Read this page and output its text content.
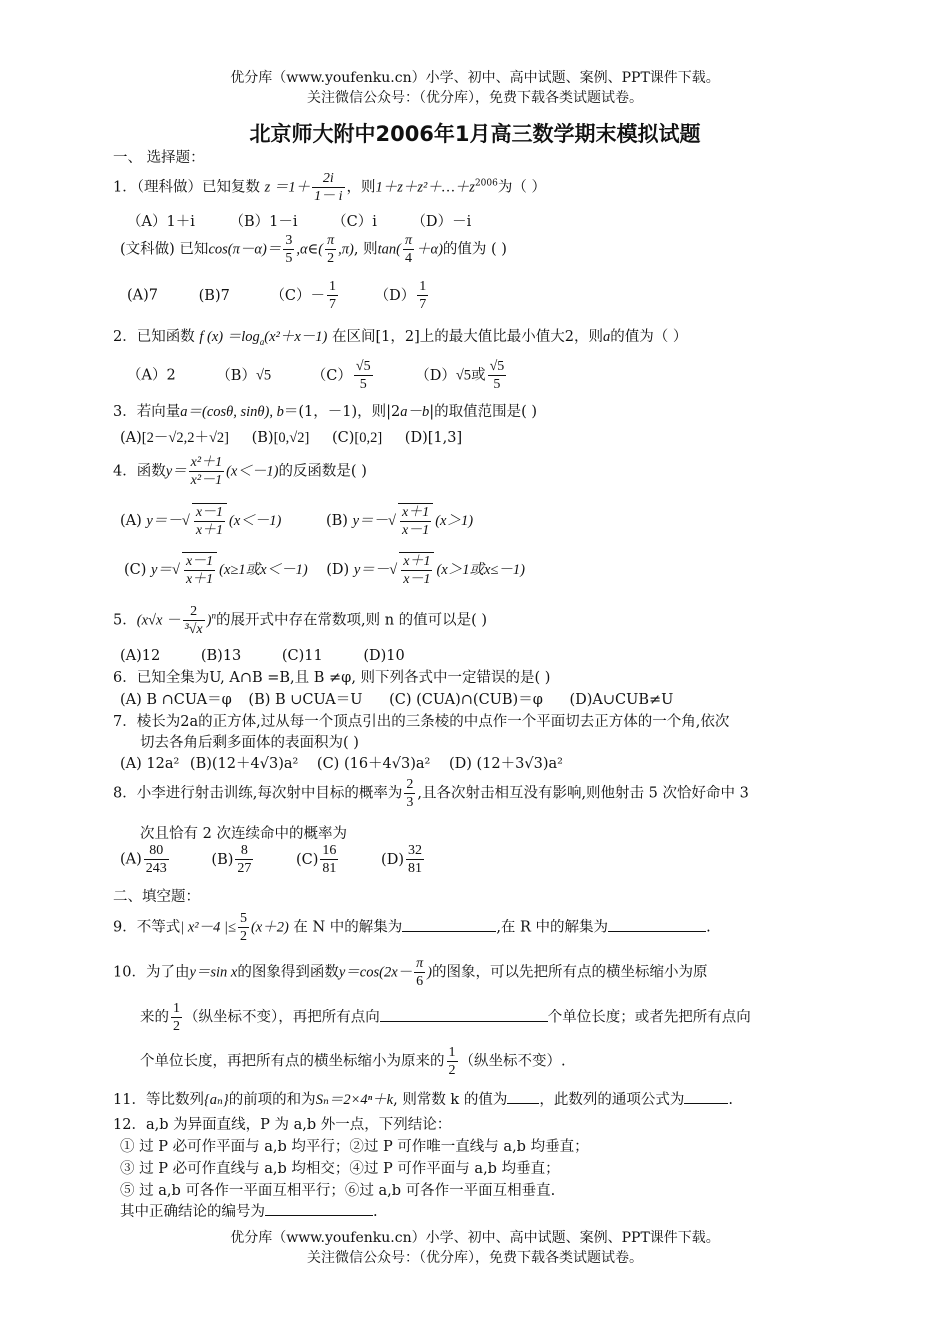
优分库（www.youfenku.cn）小学、初中、高中试题、案例、PPT课件下载。
关注微信公众号：（优分库），免费下载各类试题试卷。
北京师大附中2006年1月高三数学期末模拟试题
一、 选择题：
1．（理科做）已知复数 $z =1+ \frac{2i}{1- i}$ ，则$1+z+z^2+\dots+z^{2006}$为（ ）
（A）1＋i （B）1－i （C）i （D）－i
(文科做) 已知$\cos(\pi-\alpha)= \frac{3}{5}$ ,α∈( $\frac{\pi}{2} ,\pi$), 则$\tan( \frac{\pi}{4} +\alpha)$的值为 ( )
(A)7	(B)7	$(C)- \frac{1}{7}$	$(D) \frac{1}{7}$
2．已知函数 f $(x) =\log_a(x^2+x-1)$ 在区间[1，2]上的最大值比最小值大2，则a的值为（ ）
（A）2	（B）√5	$(C) \frac{√5}{5}$	（D）√5或 $\frac{√5}{5}$
3．若向量a＝(cosθ, sinθ), b＝(1，－1)，则|2a－b|的取值范围是( )
(A)[2－√2,2＋√2] (B)[0,√2] (C)[0,2] (D)[1,3]
4．函数$y= \frac{\text{x²＋1}}{\text{x²－1}} (x<-1)$的反函数是( )
(A) $y=-√ \frac{x-1}{x+1} (x<-1)$	(B) $y=-√ \frac{x+1}{x-1} (x>1)$
(C) $y=√ \frac{x-1}{x+1} (x\ge 1$或x＜－1) (D) $y=-√ \frac{x+1}{x-1} (x>1$或x≤－1)
5．$(x√x - \frac{2}{\text{³√x}} )^n$的展开式中存在常数项,则 n 的值可以是( )
(A)12	(B)13	(C)11	(D)10
6．已知全集为U, A∩B =B,且 B ≠φ, 则下列各式中一定错误的是( )
(A) B ∩CUA＝φ (B) B ∪CUA＝U (C) (CUA)∩(CUB)＝φ (D)A∪CUB≠U
7．棱长为2a的正方体,过从每一个顶点引出的三条棱的中点作一个平面切去正方体的一个角,依次
切去各角后剩多面体的表面积为( )
(A) 12a² (B)(12＋4√3)a² (C) (16＋4√3)a² (D) (12＋3√3)a²
8．小李进行射击训练,每次射中目标的概率为 $\frac{2}{3}$ ,且各次射击相互没有影响,则他射击 5 次恰好命中 3
次且恰有 2 次连续命中的概率为
$(A) \frac{80}{243}$	$(B) \frac{8}{27}$	$(C) \frac{16}{81}$	$(D) \frac{32}{81}$
二、填空题：
9．不等式| x²－4 |≤ $\frac{5}{2} (x+2)$ 在 N 中的解集为	,在 R 中的解集为	.
10．为了由y＝sin x的图象得到函数$y=\cos(2x- \frac{\pi}{6}$ )的图象，可以先把所有点的横坐标缩小为原
来的 $\frac{1}{2}$ （纵坐标不变），再把所有点向	个单位长度；或者先把所有点向
个单位长度，再把所有点的横坐标缩小为原来的 $\frac{1}{2}$ （纵坐标不变）.
11．等比数列{aₙ}的前项的和为Sₙ＝2×4ⁿ＋k, 则常数 k 的值为 ，此数列的通项公式为	.
12．a,b 为异面直线，P 为 a,b 外一点，下列结论：
① 过 P 必可作平面与 a,b 均平行；②过 P 可作唯一直线与 a,b 均垂直；
③ 过 P 必可作直线与 a,b 均相交；④过 P 可作平面与 a,b 均垂直；
⑤ 过 a,b 可各作一平面互相平行；⑥过 a,b 可各作一平面互相垂直.
其中正确结论的编号为	.
优分库（www.youfenku.cn）小学、初中、高中试题、案例、PPT课件下载。
关注微信公众号：（优分库），免费下载各类试题试卷。
